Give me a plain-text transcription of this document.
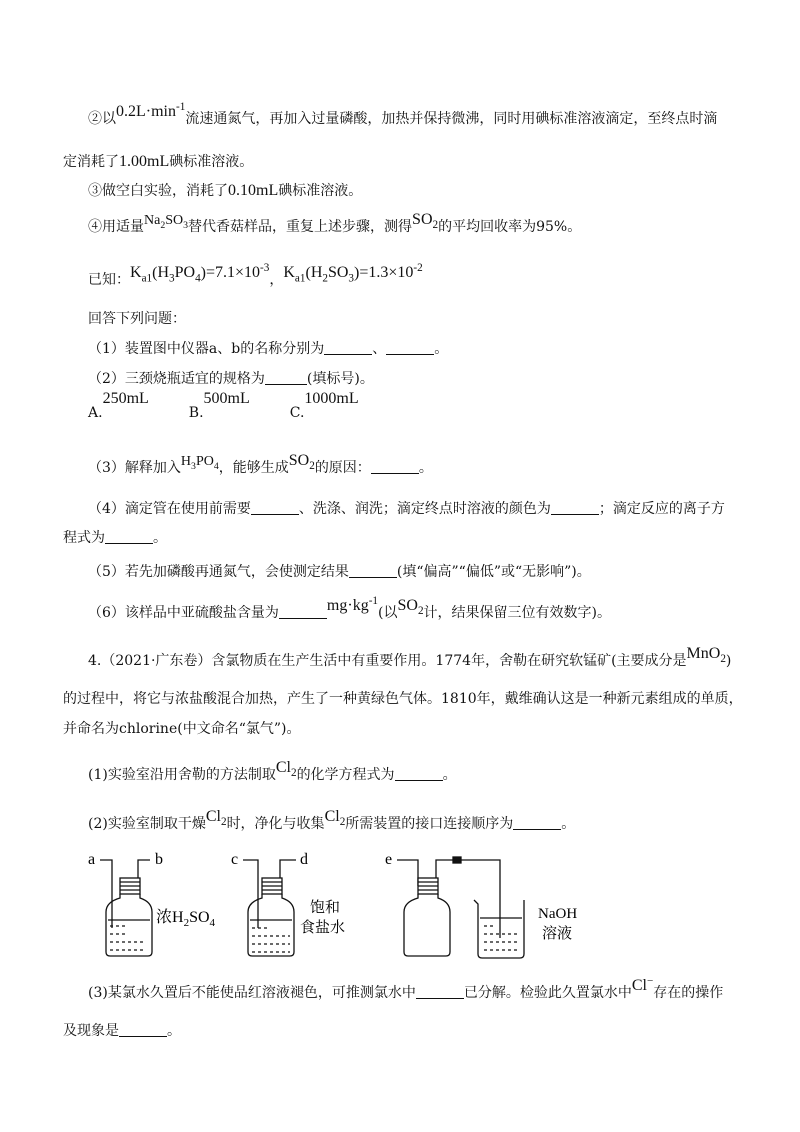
②以$0.2L\cdot\min^{-1}$流速通氮气，再加入过量磷酸，加热并保持微沸，同时用碘标准溶液滴定，至终点时滴
定消耗了1.00mL碘标准溶液。
③做空白实验，消耗了0.10mL碘标准溶液。
④用适量$Na_2SO_3$替代香菇样品，重复上述步骤，测得$SO_2$的平均回收率为95%。
已知：$K_{a1}(H_3PO_4)=7.1\times 10^{-3}$，$K_{a1}(H_2SO_3)=1.3\times 10^{-2}$
回答下列问题：
（1）装置图中仪器a、b的名称分别为	、	。
（2）三颈烧瓶适宜的规格为	(填标号)。
A.250mLB.500mLC.1000mL
（3）解释加入$H_3PO_4$，能够生成$SO_2$的原因：	。
（4）滴定管在使用前需要	、洗涤、润洗；滴定终点时溶液的颜色为	；滴定反应的离子方
程式为	。
（5）若先加磷酸再通氮气，会使测定结果	(填“偏高”“偏低”或“无影响”)。
（6）该样品中亚硫酸盐含量为	$mg\cdot kg^{-1}$(以$SO_2$计，结果保留三位有效数字)。
4.（2021·广东卷）含氯物质在生产生活中有重要作用。1774年，舍勒在研究软锰矿(主要成分是MnO$_2$)
的过程中，将它与浓盐酸混合加热，产生了一种黄绿色气体。1810年，戴维确认这是一种新元素组成的单质，
并命名为chlorine(中文命名“氯气”)。
(1)实验室沿用舍勒的方法制取$Cl_2$的化学方程式为	。
(2)实验室制取干燥$Cl_2$时，净化与收集$Cl_2$所需装置的接口连接顺序为	。
a	b	c	d	e
浓$H_2SO_4$
饱和
食盐水
NaOH
溶液
(3)某氯水久置后不能使品红溶液褪色，可推测氯水中	已分解。检验此久置氯水中Cl−存在的操作
及现象是	。
